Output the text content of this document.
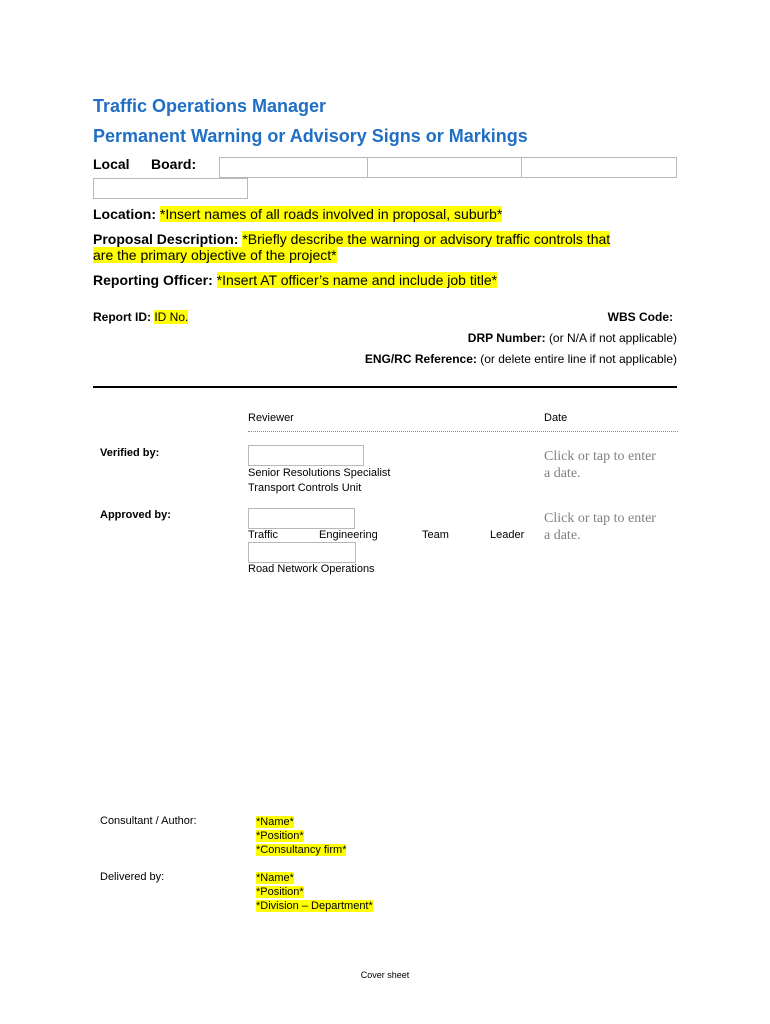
Traffic Operations Manager
Permanent Warning or Advisory Signs or Markings
Local Board:
Location: *Insert names of all roads involved in proposal, suburb*
Proposal Description: *Briefly describe the warning or advisory traffic controls that
are the primary objective of the project*
Reporting Officer: *Insert AT officer’s name and include job title*
Report ID: ID No.	WBS Code:
DRP Number: (or N/A if not applicable)
ENG/RC Reference: (or delete entire line if not applicable)
Reviewer	Date
Verified by:
Senior Resolutions Specialist
Transport Controls Unit
Click or tap to enter
a date.
Approved by:
Traffic	Engineering	Team	Leader
Road Network Operations
Click or tap to enter
a date.
Consultant / Author:	*Name*
*Position*
*Consultancy firm*
Delivered by:	*Name*
*Position*
*Division – Department*
Cover sheet
